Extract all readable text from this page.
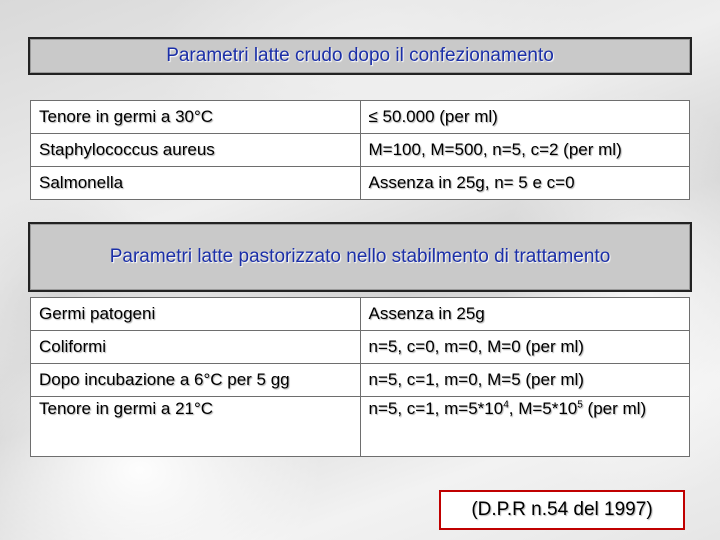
Parametri latte crudo dopo il confezionamento
Tenore in germi a 30°C	≤ 50.000 (per ml)
Staphylococcus aureus	M=100, M=500, n=5, c=2 (per ml)
Salmonella	Assenza in 25g, n= 5 e c=0
Parametri latte pastorizzato nello stabilmento di trattamento
Germi patogeni	Assenza in 25g
Coliformi	n=5, c=0, m=0, M=0 (per ml)
Dopo incubazione a 6°C per 5 gg	n=5, c=1, m=0, M=5 (per ml)
Tenore in germi a 21°C	n=5, c=1, $m=5*10^4$, $M=5*10^5$ (per ml)
(D.P.R n.54 del 1997)
